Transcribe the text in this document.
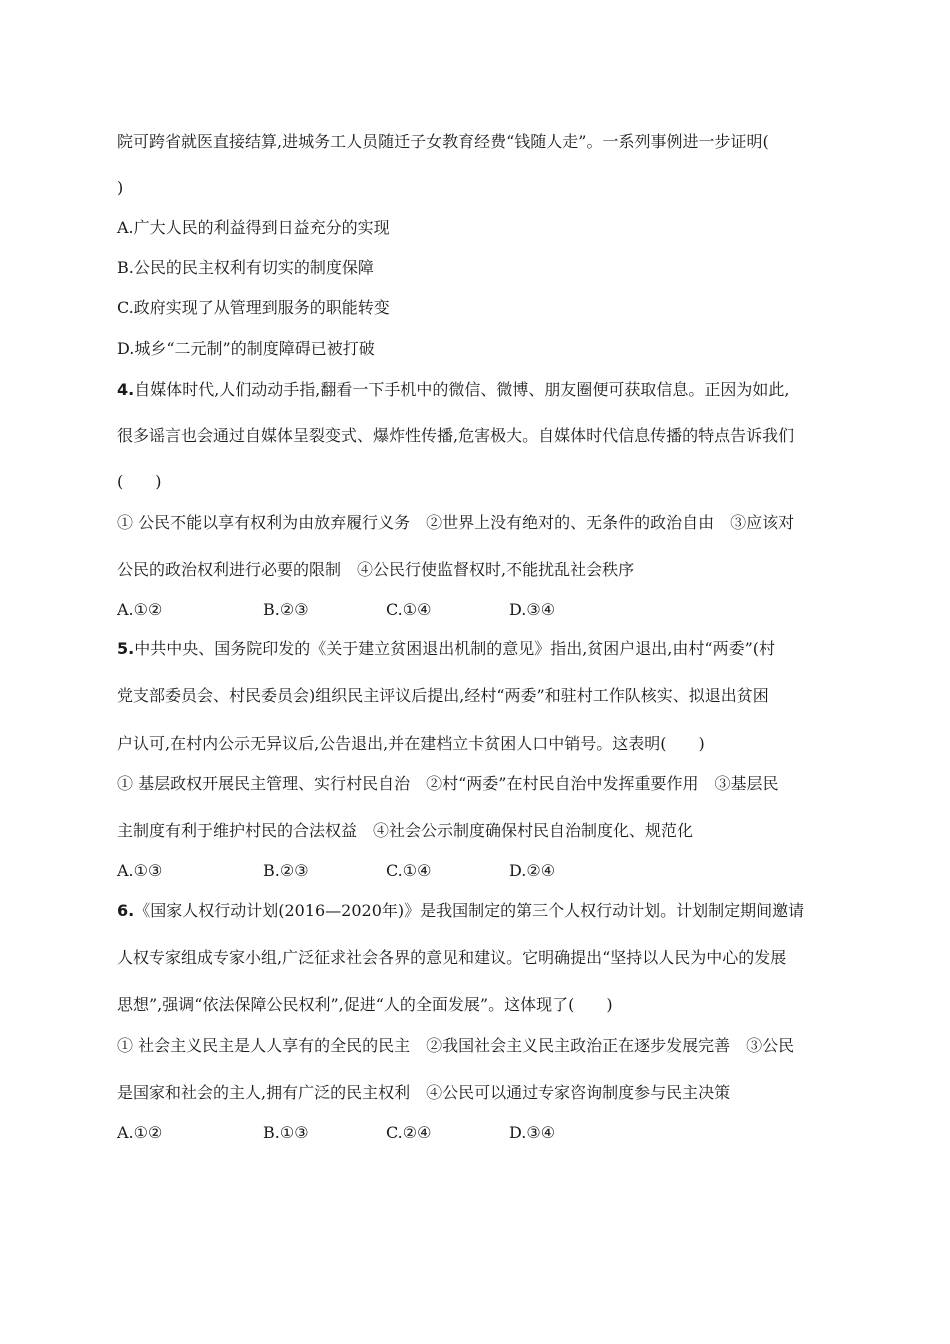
院可跨省就医直接结算,进城务工人员随迁子女教育经费“钱随人走”。一系列事例进一步证明(
)
A.广大人民的利益得到日益充分的实现
B.公民的民主权利有切实的制度保障
C.政府实现了从管理到服务的职能转变
D.城乡“二元制”的制度障碍已被打破
4.自媒体时代,人们动动手指,翻看一下手机中的微信、微博、朋友圈便可获取信息。正因为如此,
很多谣言也会通过自媒体呈裂变式、爆炸性传播,危害极大。自媒体时代信息传播的特点告诉我们
(　　)
① 公民不能以享有权利为由放弃履行义务　②世界上没有绝对的、无条件的政治自由　③应该对
公民的政治权利进行必要的限制　④公民行使监督权时,不能扰乱社会秩序
A.①②	B.②③	C.①④	D.③④
5.中共中央、国务院印发的《关于建立贫困退出机制的意见》指出,贫困户退出,由村“两委”(村
党支部委员会、村民委员会)组织民主评议后提出,经村“两委”和驻村工作队核实、拟退出贫困
户认可,在村内公示无异议后,公告退出,并在建档立卡贫困人口中销号。这表明(　　)
① 基层政权开展民主管理、实行村民自治　②村“两委”在村民自治中发挥重要作用　③基层民
主制度有利于维护村民的合法权益　④社会公示制度确保村民自治制度化、规范化
A.①③	B.②③	C.①④	D.②④
6.《国家人权行动计划(2016—2020年)》是我国制定的第三个人权行动计划。计划制定期间邀请
人权专家组成专家小组,广泛征求社会各界的意见和建议。它明确提出“坚持以人民为中心的发展
思想”,强调“依法保障公民权利”,促进“人的全面发展”。这体现了(　　)
① 社会主义民主是人人享有的全民的民主　②我国社会主义民主政治正在逐步发展完善　③公民
是国家和社会的主人,拥有广泛的民主权利　④公民可以通过专家咨询制度参与民主决策
A.①②	B.①③	C.②④	D.③④
